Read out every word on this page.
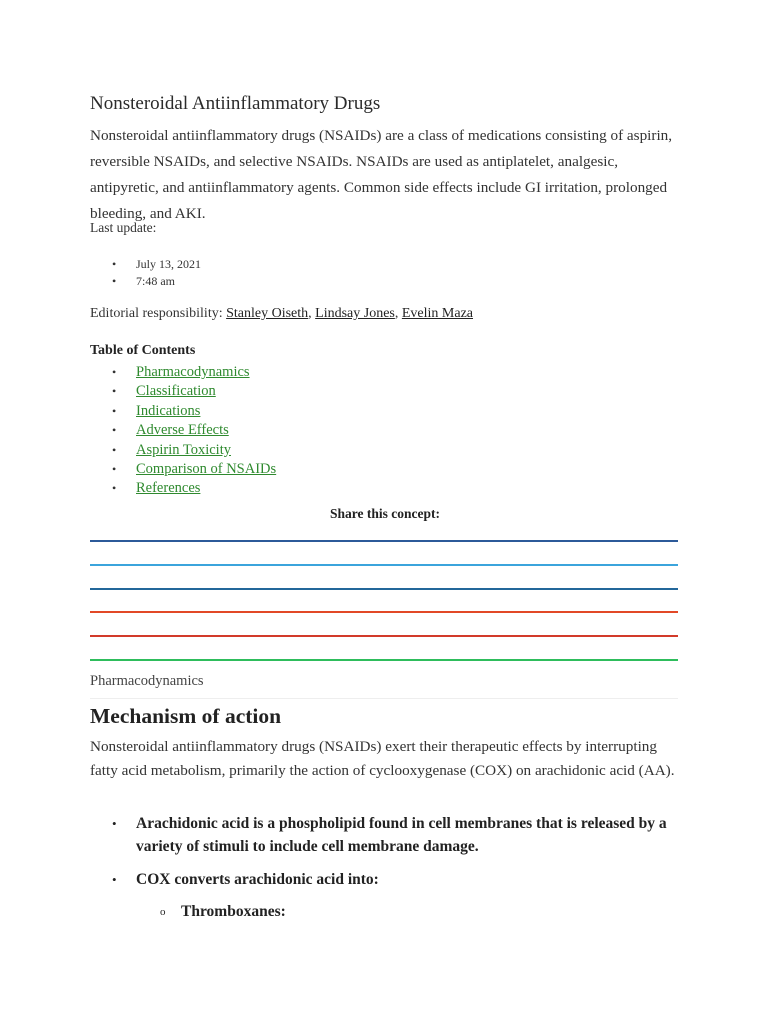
Nonsteroidal Antiinflammatory Drugs

Nonsteroidal antiinflammatory drugs (NSAIDs) are a class of medications consisting of aspirin, reversible NSAIDs, and selective NSAIDs. NSAIDs are used as antiplatelet, analgesic, antipyretic, and antiinflammatory agents. Common side effects include GI irritation, prolonged bleeding, and AKI.

Last update:

• July 13, 2021
• 7:48 am

Editorial responsibility: Stanley Oiseth, Lindsay Jones, Evelin Maza

Table of Contents

• Pharmacodynamics
• Classification
• Indications
• Adverse Effects
• Aspirin Toxicity
• Comparison of NSAIDs
• References

Share this concept:

Pharmacodynamics

Mechanism of action

Nonsteroidal antiinflammatory drugs (NSAIDs) exert their therapeutic effects by interrupting fatty acid metabolism, primarily the action of cyclooxygenase (COX) on arachidonic acid (AA).

• Arachidonic acid is a phospholipid found in cell membranes that is released by a variety of stimuli to include cell membrane damage.
• COX converts arachidonic acid into:
o Thromboxanes:
